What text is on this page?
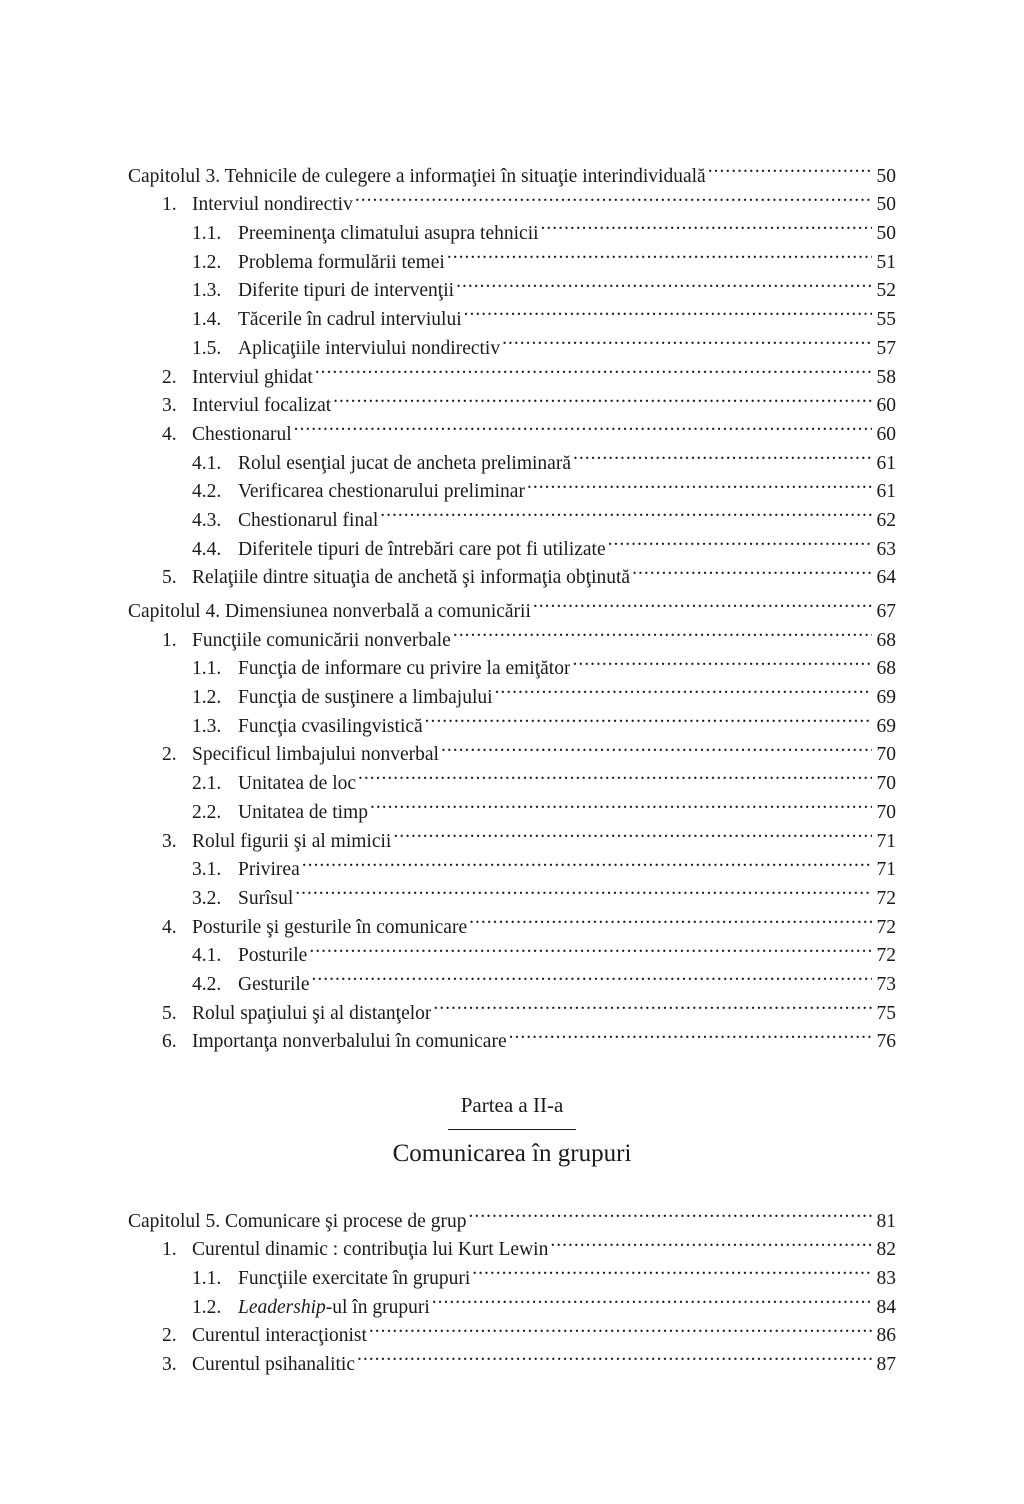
Capitolul 3. Tehnicile de culegere a informaţiei în situaţie interindividuală .....	50
1. Interviul nondirectiv .....	50
1.1. Preeminenţa climatului asupra tehnicii .....	50
1.2. Problema formulării temei .....	51
1.3. Diferite tipuri de intervenţii .....	52
1.4. Tăcerile în cadrul interviului .....	55
1.5. Aplicaţiile interviului nondirectiv .....	57
2. Interviul ghidat .....	58
3. Interviul focalizat .....	60
4. Chestionarul .....	60
4.1. Rolul esenţial jucat de ancheta preliminară .....	61
4.2. Verificarea chestionarului preliminar .....	61
4.3. Chestionarul final .....	62
4.4. Diferitele tipuri de întrebări care pot fi utilizate .....	63
5. Relaţiile dintre situaţia de anchetă şi informaţia obţinută .....	64
Capitolul 4. Dimensiunea nonverbală a comunicării .....	67
1. Funcţiile comunicării nonverbale .....	68
1.1. Funcţia de informare cu privire la emiţător .....	68
1.2. Funcţia de susţinere a limbajului .....	69
1.3. Funcţia cvasilingvistică .....	69
2. Specificul limbajului nonverbal .....	70
2.1. Unitatea de loc .....	70
2.2. Unitatea de timp .....	70
3. Rolul figurii şi al mimicii .....	71
3.1. Privirea .....	71
3.2. Surîsul .....	72
4. Posturile şi gesturile în comunicare .....	72
4.1. Posturile .....	72
4.2. Gesturile .....	73
5. Rolul spaţiului şi al distanţelor .....	75
6. Importanţa nonverbalului în comunicare .....	76
Partea a II-a
Comunicarea în grupuri
Capitolul 5. Comunicare şi procese de grup .....	81
1. Curentul dinamic : contribuţia lui Kurt Lewin .....	82
1.1. Funcţiile exercitate în grupuri .....	83
1.2. Leadership-ul în grupuri .....	84
2. Curentul interacţionist .....	86
3. Curentul psihanalitic .....	87
